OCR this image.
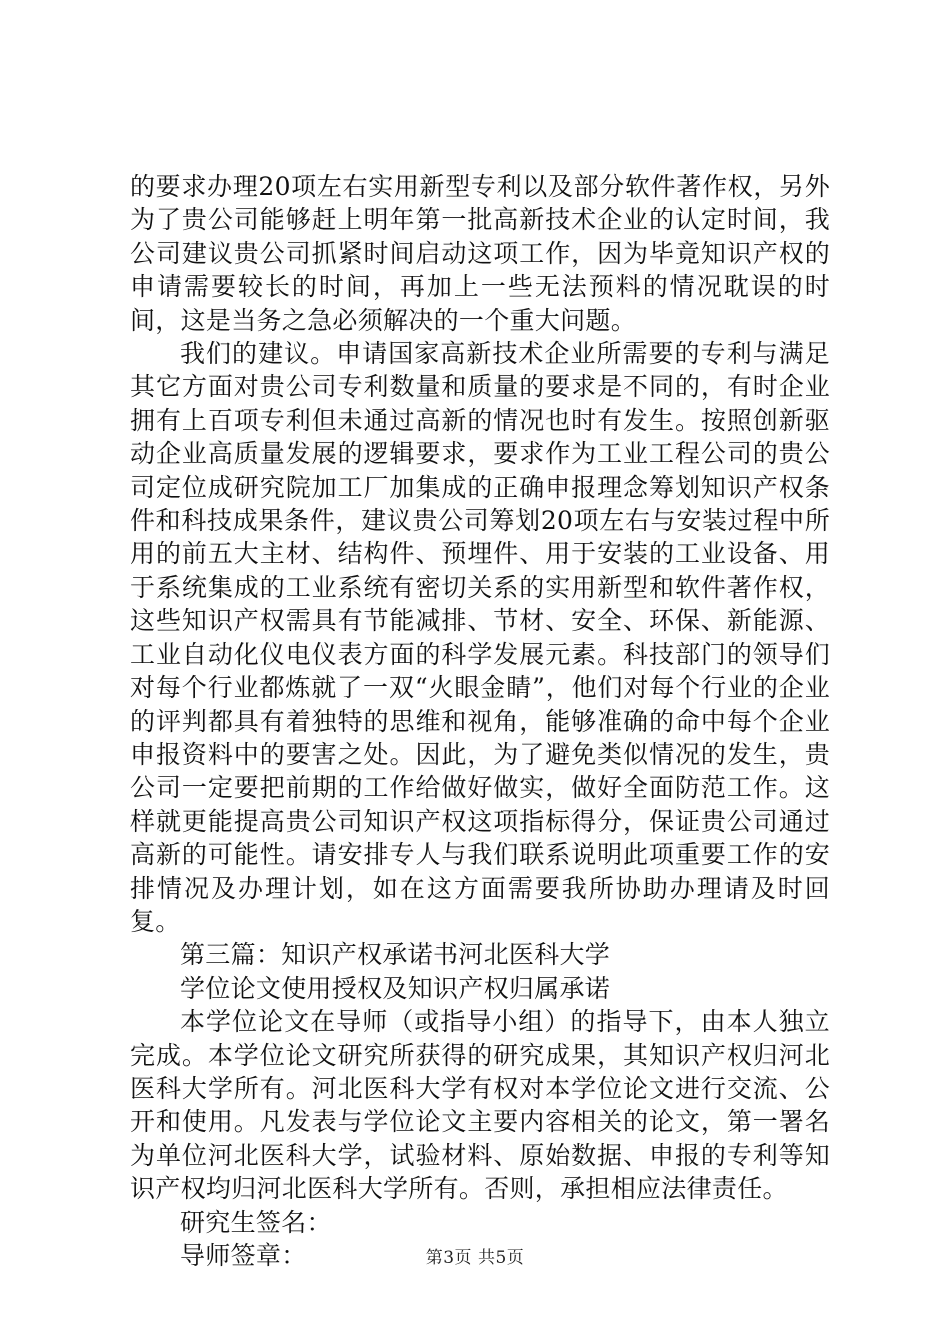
的要求办理20项左右实用新型专利以及部分软件著作权，另外为了贵公司能够赶上明年第一批高新技术企业的认定时间，我公司建议贵公司抓紧时间启动这项工作，因为毕竟知识产权的申请需要较长的时间，再加上一些无法预料的情况耽误的时间，这是当务之急必须解决的一个重大问题。

我们的建议。申请国家高新技术企业所需要的专利与满足其它方面对贵公司专利数量和质量的要求是不同的，有时企业拥有上百项专利但未通过高新的情况也时有发生。按照创新驱动企业高质量发展的逻辑要求，要求作为工业工程公司的贵公司定位成研究院加工厂加集成的正确申报理念筹划知识产权条件和科技成果条件，建议贵公司筹划20项左右与安装过程中所用的前五大主材、结构件、预埋件、用于安装的工业设备、用于系统集成的工业系统有密切关系的实用新型和软件著作权，这些知识产权需具有节能减排、节材、安全、环保、新能源、工业自动化仪电仪表方面的科学发展元素。科技部门的领导们对每个行业都炼就了一双“火眼金睛”，他们对每个行业的企业的评判都具有着独特的思维和视角，能够准确的命中每个企业申报资料中的要害之处。因此，为了避免类似情况的发生，贵公司一定要把前期的工作给做好做实，做好全面防范工作。这样就更能提高贵公司知识产权这项指标得分，保证贵公司通过高新的可能性。请安排专人与我们联系说明此项重要工作的安排情况及办理计划，如在这方面需要我所协助办理请及时回复。

第三篇：知识产权承诺书河北医科大学

学位论文使用授权及知识产权归属承诺

本学位论文在导师（或指导小组）的指导下，由本人独立完成。本学位论文研究所获得的研究成果，其知识产权归河北医科大学所有。河北医科大学有权对本学位论文进行交流、公开和使用。凡发表与学位论文主要内容相关的论文，第一署名为单位河北医科大学，试验材料、原始数据、申报的专利等知识产权均归河北医科大学所有。否则，承担相应法律责任。

研究生签名：

导师签章：	第3页 共5页
